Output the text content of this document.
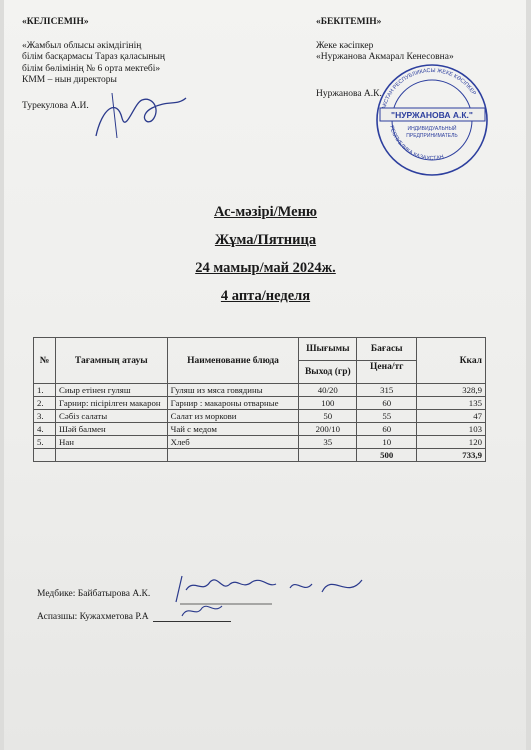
«КЕЛІСЕМІН»
«Жамбыл облысы әкімдігінің
білім басқармасы Тараз қаласының
білім бөлімінің № 6 орта мектебі»
КММ – нын директоры
Турекулова А.И.
«БЕКІТЕМІН»
Жеке кәсіпкер
«Нуржанова Акмарал Кенесовна»
Нуржанова А.К.
КСТАН РЕСПУБЛИКАСЫ ЖЕКЕ КӘСІПКЕР
РЕСПУБЛИКА КАЗАХСТАН
"НУРЖАНОВА А.К."
ИНДИВИДУАЛЬНЫЙ
ПРЕДПРИНИМАТЕЛЬ
Ас-мәзірі/Меню
Жұма/Пятница
24 мамыр/май 2024ж.
4 апта/неделя
№	Тағамның атауы	Наименование блюда	Шығымы	Бағасы	Ккал
			Выход (гр)	Цена/тг	
1.	Сиыр етінен гуляш	Гуляш из мяса говядины	40/20	315	328,9
2.	Гарнир: пісірілген макарон	Гарнир : макароны отварные	100	60	135
3.	Сәбіз салаты	Салат из моркови	50	55	47
4.	Шәй балмен	Чай с медом	200/10	60	103
5.	Нан	Хлеб	35	10	120
				500	733,9
Медбике: Байбатырова А.К.
Аспазшы: Кужахметова Р.А
